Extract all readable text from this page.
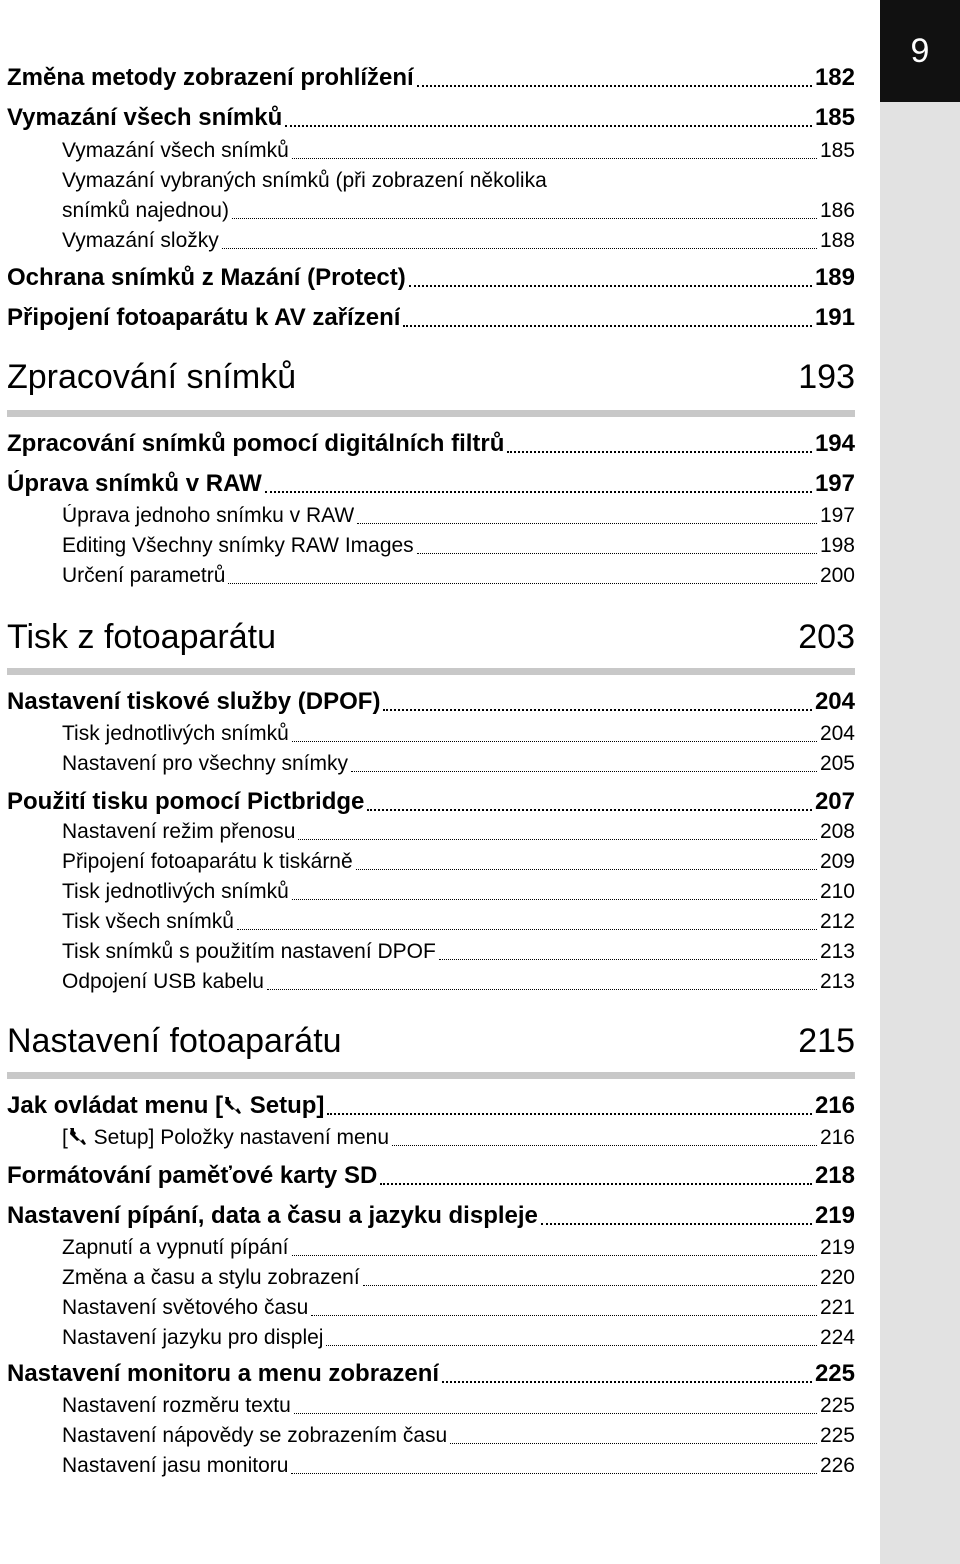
9
Změna metody zobrazení prohlížení	182
Vymazání všech snímků	185
Vymazání všech snímků	185
Vymazání vybraných snímků (při zobrazení několika
snímků najednou)	186
Vymazání složky	188
Ochrana snímků z Mazání (Protect)	189
Připojení fotoaparátu k AV zařízení	191
Zpracování snímků	193
Zpracování snímků pomocí digitálních filtrů	194
Úprava snímků v RAW	197
Úprava jednoho snímku v RAW	197
Editing Všechny snímky RAW Images	198
Určení parametrů	200
Tisk z fotoaparátu	203
Nastavení tiskové služby (DPOF)	204
Tisk jednotlivých snímků	204
Nastavení pro všechny snímky	205
Použití tisku pomocí Pictbridge	207
Nastavení režim přenosu	208
Připojení fotoaparátu k tiskárně	209
Tisk jednotlivých snímků	210
Tisk všech snímků	212
Tisk snímků s použitím nastavení DPOF	213
Odpojení USB kabelu	213
Nastavení fotoaparátu	215
Jak ovládat menu [ Setup]	216
[ Setup] Položky nastavení menu	216
Formátování paměťové karty SD	218
Nastavení pípání, data a času a jazyku displeje	219
Zapnutí a vypnutí pípání	219
Změna a času a stylu zobrazení	220
Nastavení světového času	221
Nastavení jazyku pro displej	224
Nastavení monitoru a menu zobrazení	225
Nastavení rozměru textu	225
Nastavení nápovědy se zobrazením času	225
Nastavení jasu monitoru	226
